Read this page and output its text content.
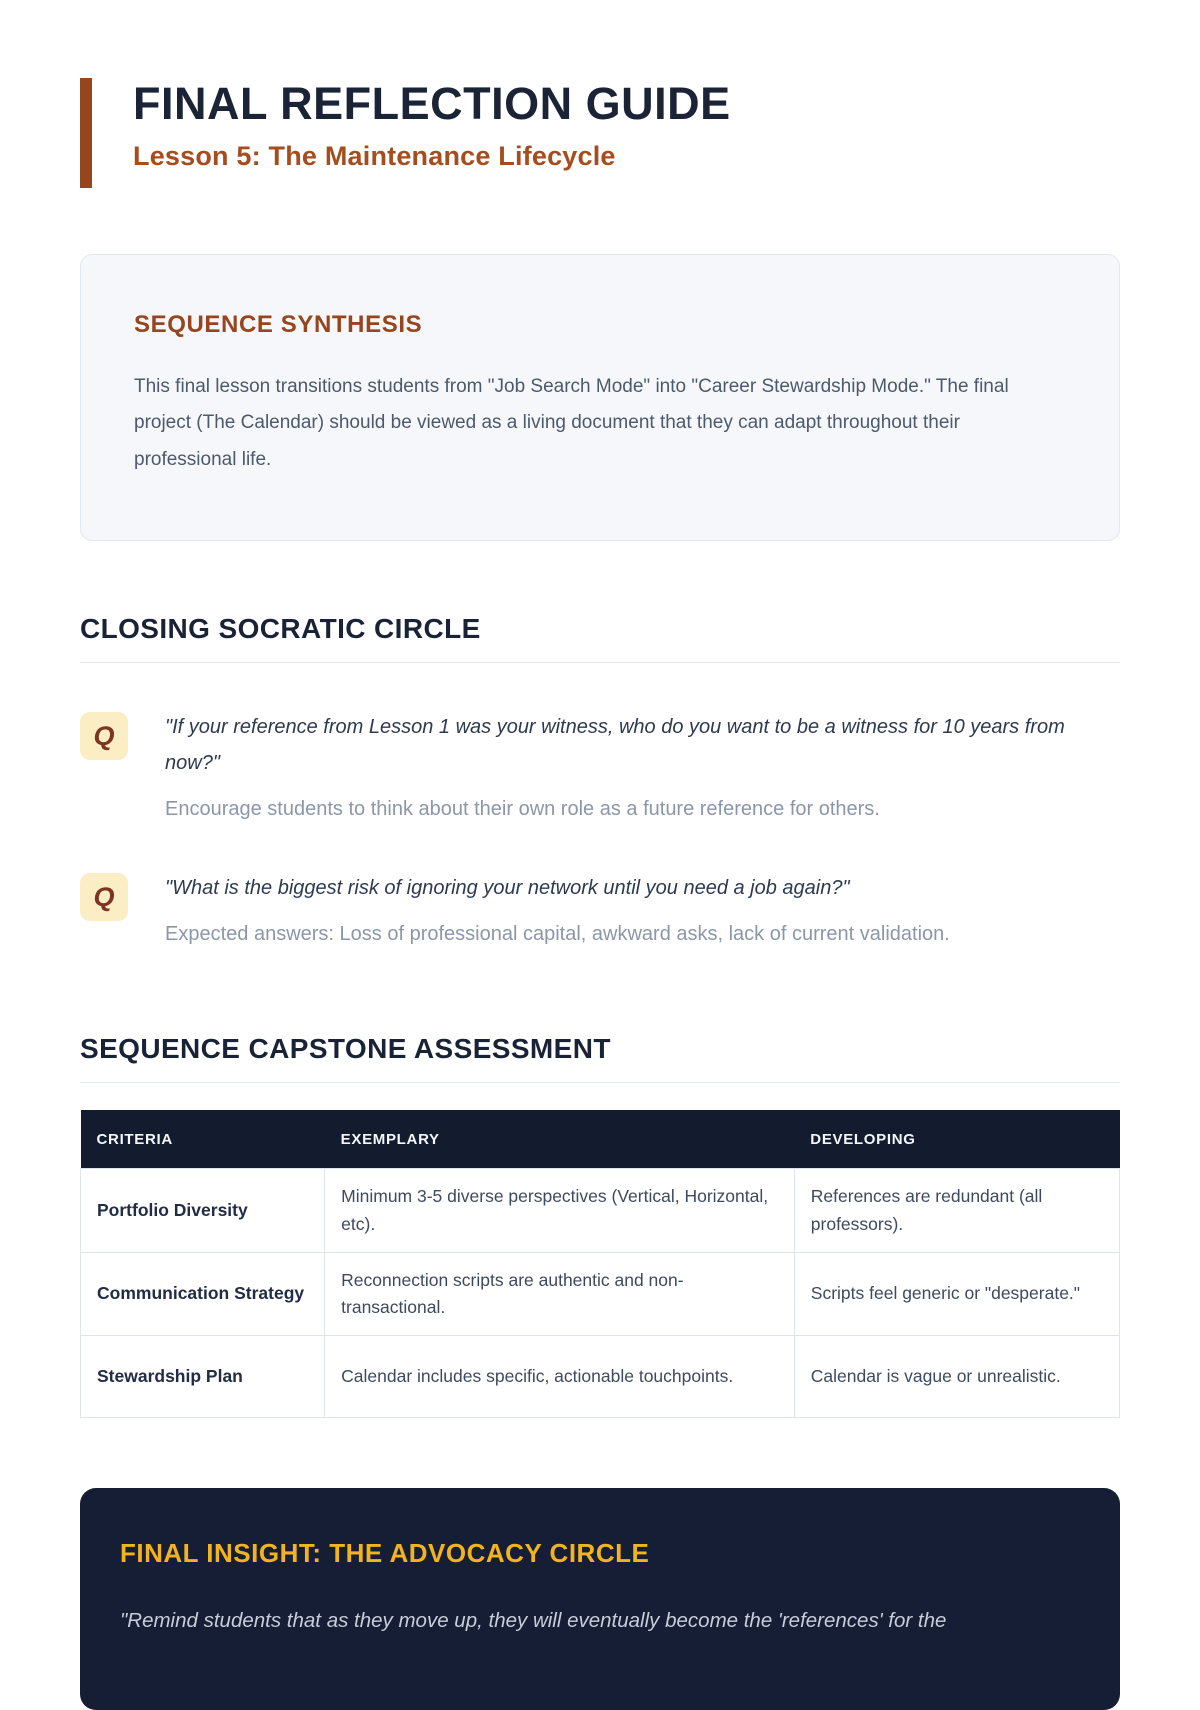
FINAL REFLECTION GUIDE
Lesson 5: The Maintenance Lifecycle
SEQUENCE SYNTHESIS

This final lesson transitions students from "Job Search Mode" into "Career Stewardship Mode." The final project (The Calendar) should be viewed as a living document that they can adapt throughout their professional life.

CLOSING SOCRATIC CIRCLE
Q	"If your reference from Lesson 1 was your witness, who do you want to be a witness for 10 years from now?"
Encourage students to think about their own role as a future reference for others.
Q	"What is the biggest risk of ignoring your network until you need a job again?"
Expected answers: Loss of professional capital, awkward asks, lack of current validation.
SEQUENCE CAPSTONE ASSESSMENT
CRITERIA	EXEMPLARY	DEVELOPING
Portfolio Diversity	Minimum 3-5 diverse perspectives (Vertical, Horizontal, etc).	References are redundant (all professors).
Communication Strategy	Reconnection scripts are authentic and non-transactional.	Scripts feel generic or "desperate."
Stewardship Plan	Calendar includes specific, actionable touchpoints.	Calendar is vague or unrealistic.
FINAL INSIGHT: THE ADVOCACY CIRCLE

"Remind students that as they move up, they will eventually become the 'references' for the
